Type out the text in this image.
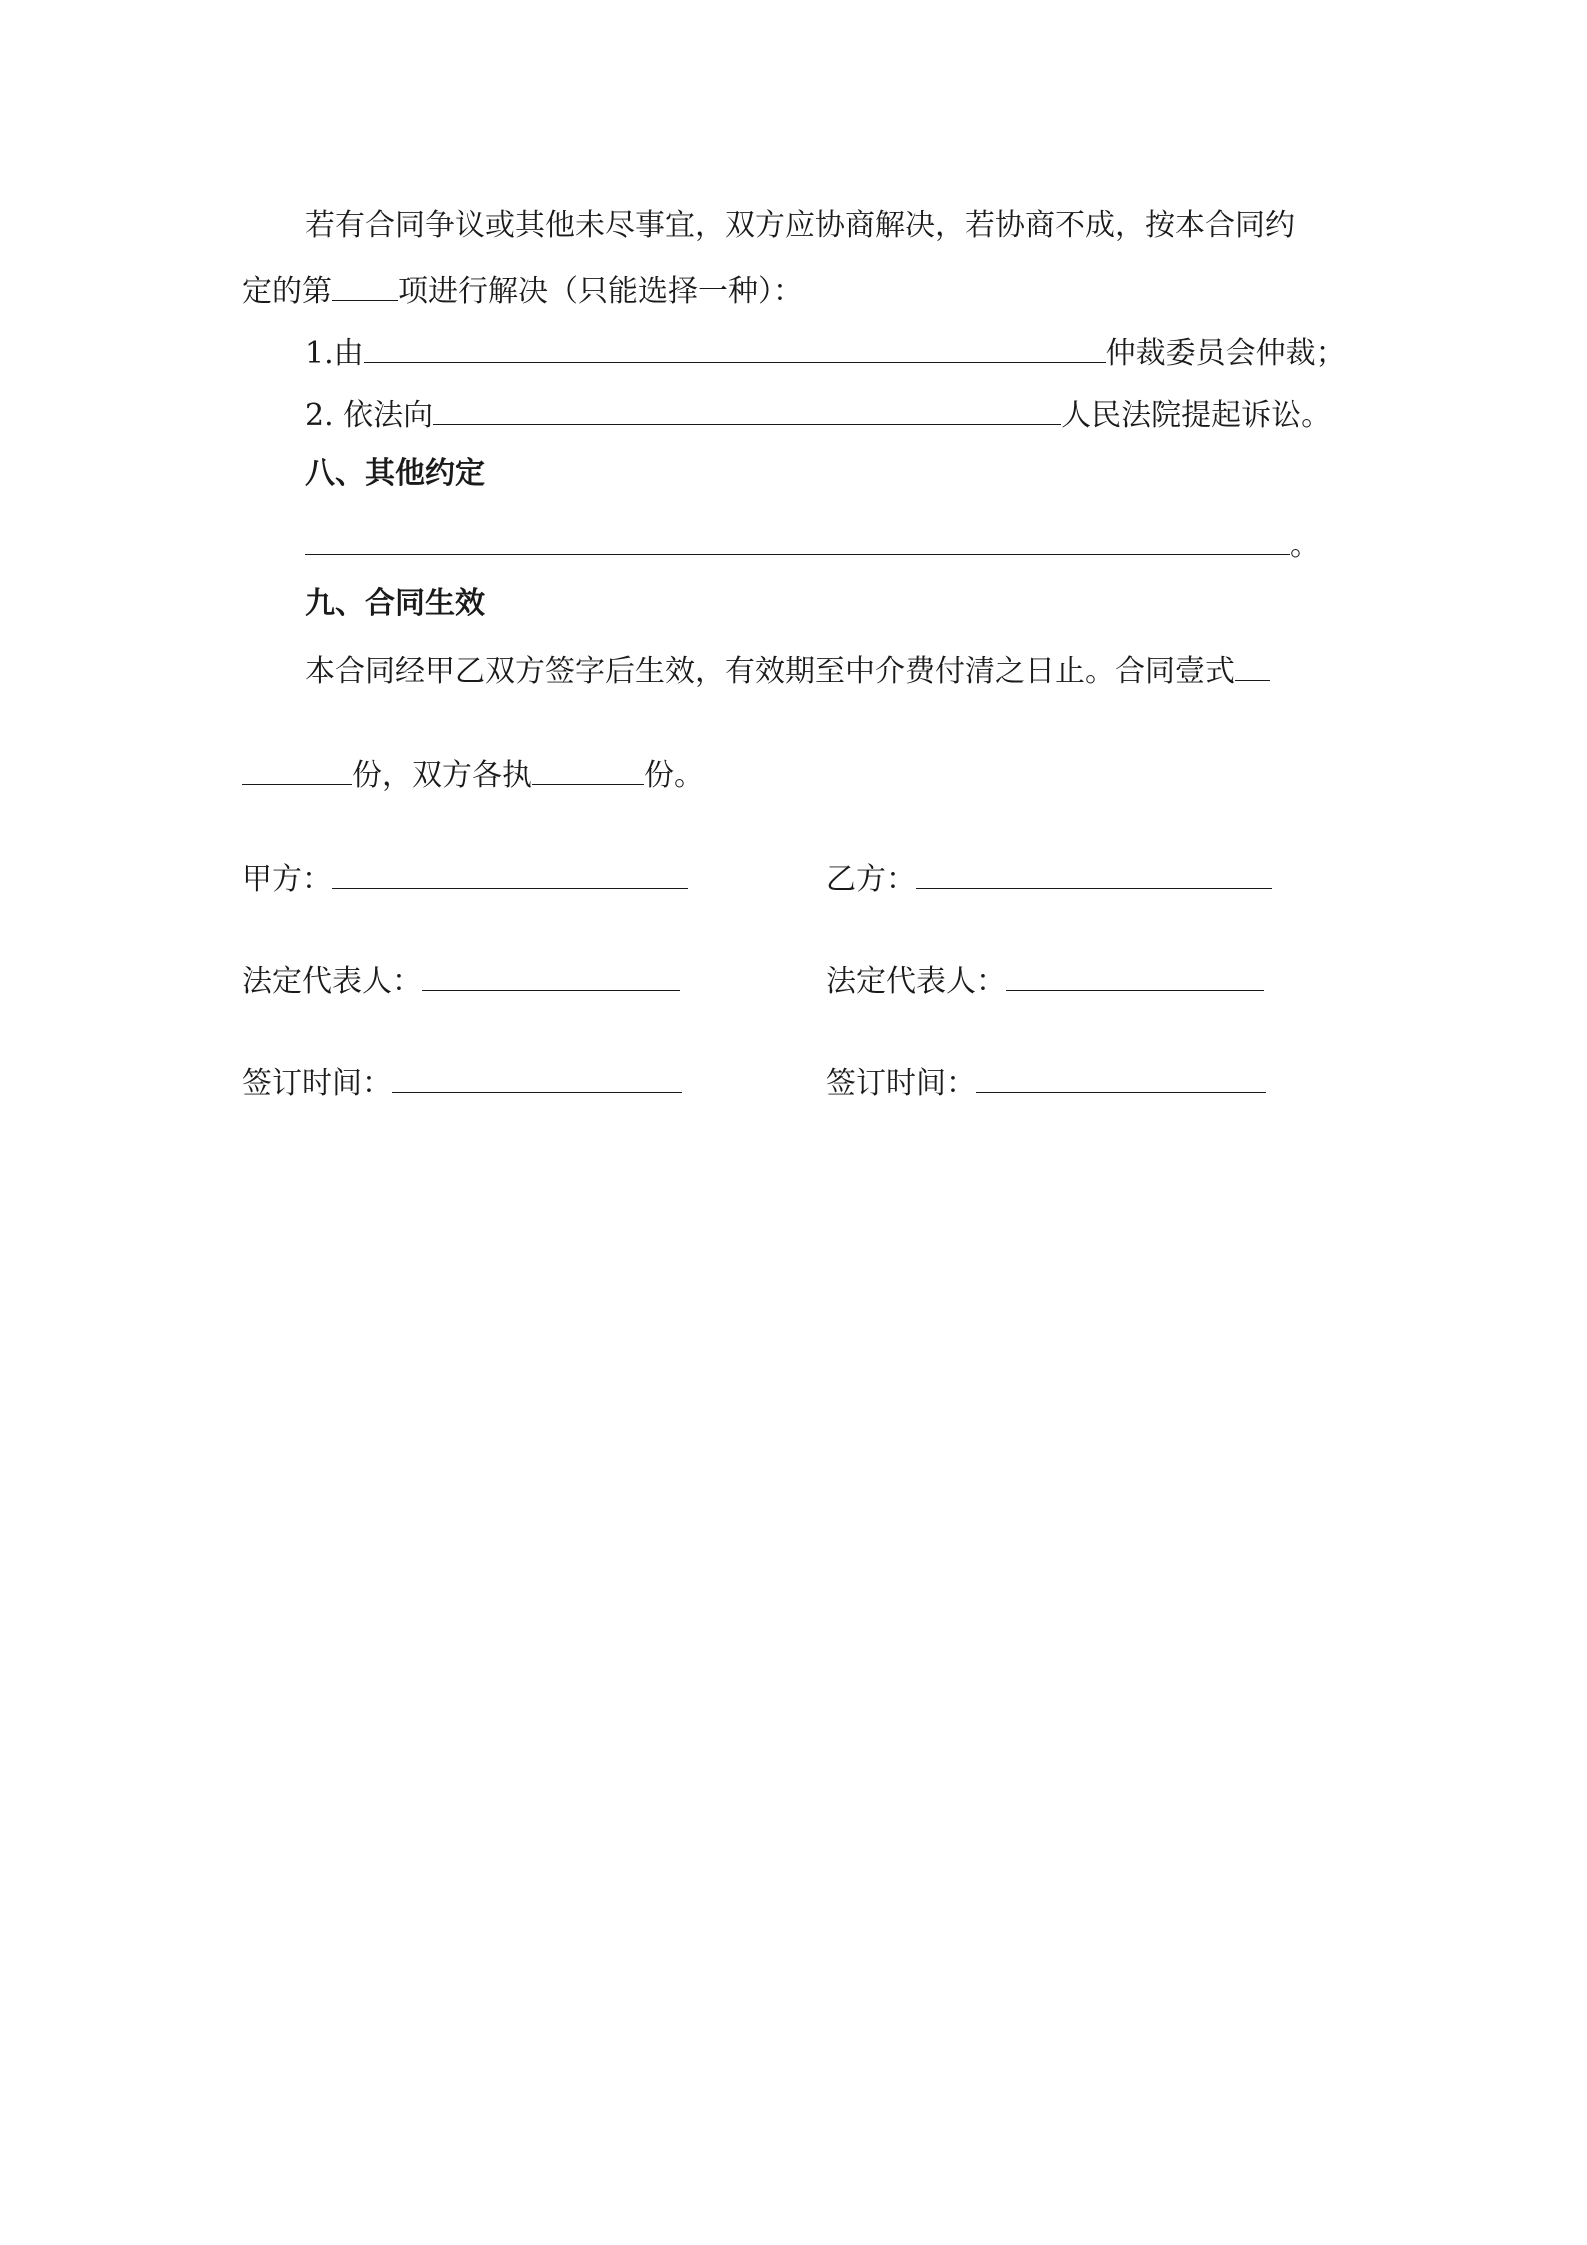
若有合同争议或其他未尽事宜，双方应协商解决，若协商不成，按本合同约
定的第 项进行解决（只能选择一种）：
1.由	仲裁委员会仲裁；
2. 依法向	人民法院提起诉讼。
八、其他约定
。
九、合同生效
本合同经甲乙双方签字后生效，有效期至中介费付清之日止。合同壹式
份，双方各执	份。
甲方：	乙方：
法定代表人：	法定代表人：
签订时间：	签订时间：
